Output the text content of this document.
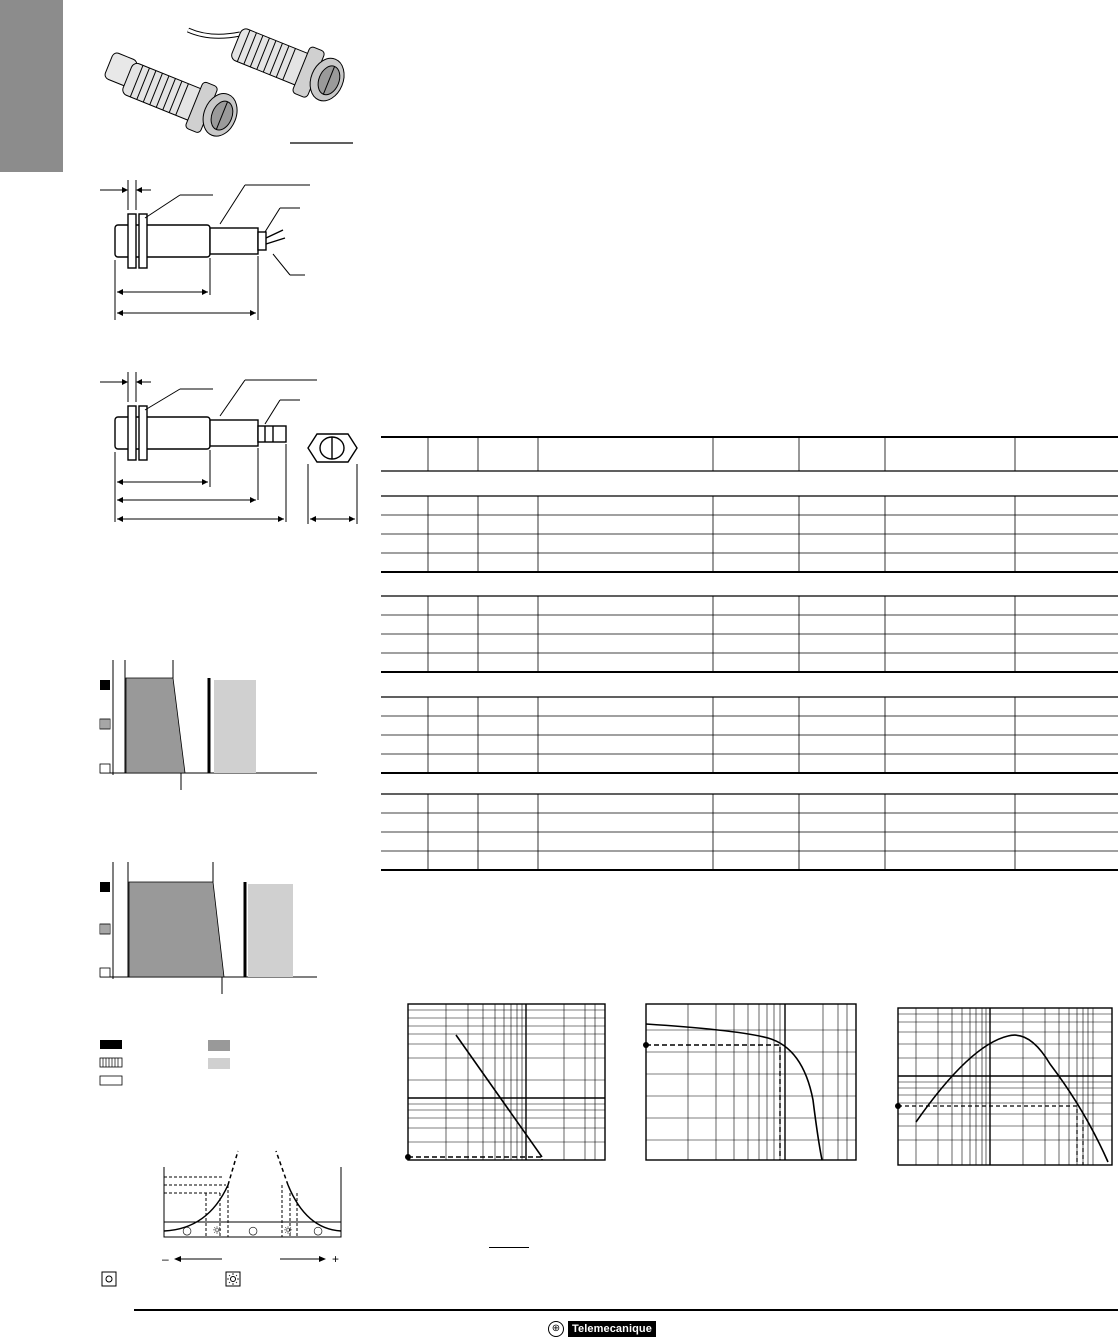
○ ☼ ○ ☼ ○
–	+
⊕	Telemecanique
